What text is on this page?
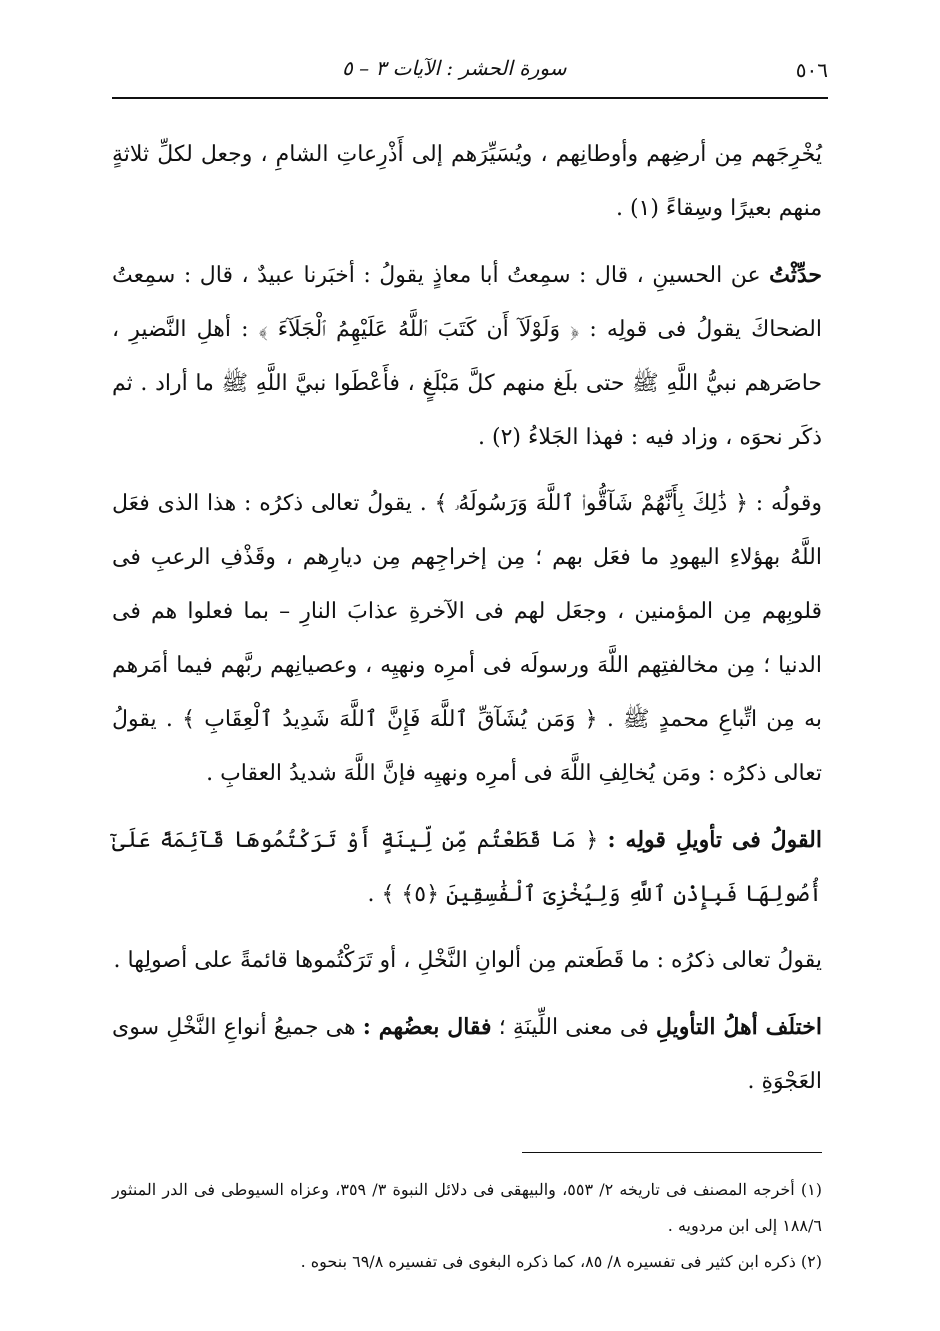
٥٠٦
سورة الحشر : الآيات ٣ – ٥

يُخْرِجَهم مِن أرضِهم وأوطانِهم ، ويُسَيِّرَهم إلى أَذْرِعاتِ الشامِ ، وجعل لكلِّ ثلاثةٍ منهم بعيرًا وسِقاءً (١) .

حدِّثْتُ عن الحسينِ ، قال : سمِعتُ أبا معاذٍ يقولُ : أخبَرنا عبيدٌ ، قال : سمِعتُ الضحاكَ يقولُ فى قولِه : ﴿ وَلَوْلَآ أَن كَتَبَ ٱللَّهُ عَلَيْهِمُ ٱلْجَلَآءَ ﴾ : أهلِ النَّضيرِ ، حاصَرهم نبيُّ اللَّهِ ﷺ حتى بلَغ منهم كلَّ مَبْلَغٍ ، فأَعْطَوا نبيَّ اللَّهِ ﷺ ما أراد . ثم ذكَر نحوَه ، وزاد فيه : فهذا الجَلاءُ (٢) .

وقولُه : ﴿ ذَٰلِكَ بِأَنَّهُمْ شَآقُّوا۟ ٱللَّهَ وَرَسُولَهُۥ ﴾ . يقولُ تعالى ذكرُه : هذا الذى فعَل اللَّهُ بهؤلاءِ اليهودِ ما فعَل بهم ؛ مِن إخراجِهم مِن ديارِهم ، وقَذْفِ الرعبِ فى قلوبِهم مِن المؤمنين ، وجعَل لهم فى الآخرةِ عذابَ النارِ – بما فعلوا هم فى الدنيا ؛ مِن مخالفتِهم اللَّهَ ورسولَه فى أمرِه ونهيِه ، وعصيانِهم ربَّهم فيما أمَرهم به مِن اتِّباعِ محمدٍ ﷺ . ﴿ وَمَن يُشَآقِّ ٱللَّهَ فَإِنَّ ٱللَّهَ شَدِيدُ ٱلْعِقَابِ ﴾ . يقولُ تعالى ذكرُه : ومَن يُخالِفِ اللَّهَ فى أمرِه ونهيِه فإنَّ اللَّهَ شديدُ العقابِ .

القولُ فى تأويلِ قولِه : ﴿ مَا قَطَعْتُم مِّن لِّينَةٍ أَوْ تَرَكْتُمُوهَا قَآئِمَةً عَلَىٰٓ أُصُولِهَا فَبِإِذْنِ ٱللَّهِ وَلِيُخْزِىَ ٱلْفَٰسِقِينَ ﴿٥﴾ ﴾ .

يقولُ تعالى ذكرُه : ما قَطَعتم مِن ألوانِ النَّخْلِ ، أو تَرَكْتُموها قائمةً على أصولِها .

اختلَف أهلُ التأويلِ فى معنى اللِّينَةِ ؛ فقال بعضُهم : هى جميعُ أنواعِ النَّخْلِ سوى العَجْوَةِ .

(١) أخرجه المصنف فى تاريخه ٢/ ٥٥٣، والبيهقى فى دلائل النبوة ٣/ ٣٥٩، وعزاه السيوطى فى الدر المنثور ١٨٨/٦ إلى ابن مردويه .

(٢) ذكره ابن كثير فى تفسيره ٨/ ٨٥، كما ذكره البغوى فى تفسيره ٦٩/٨ بنحوه .
